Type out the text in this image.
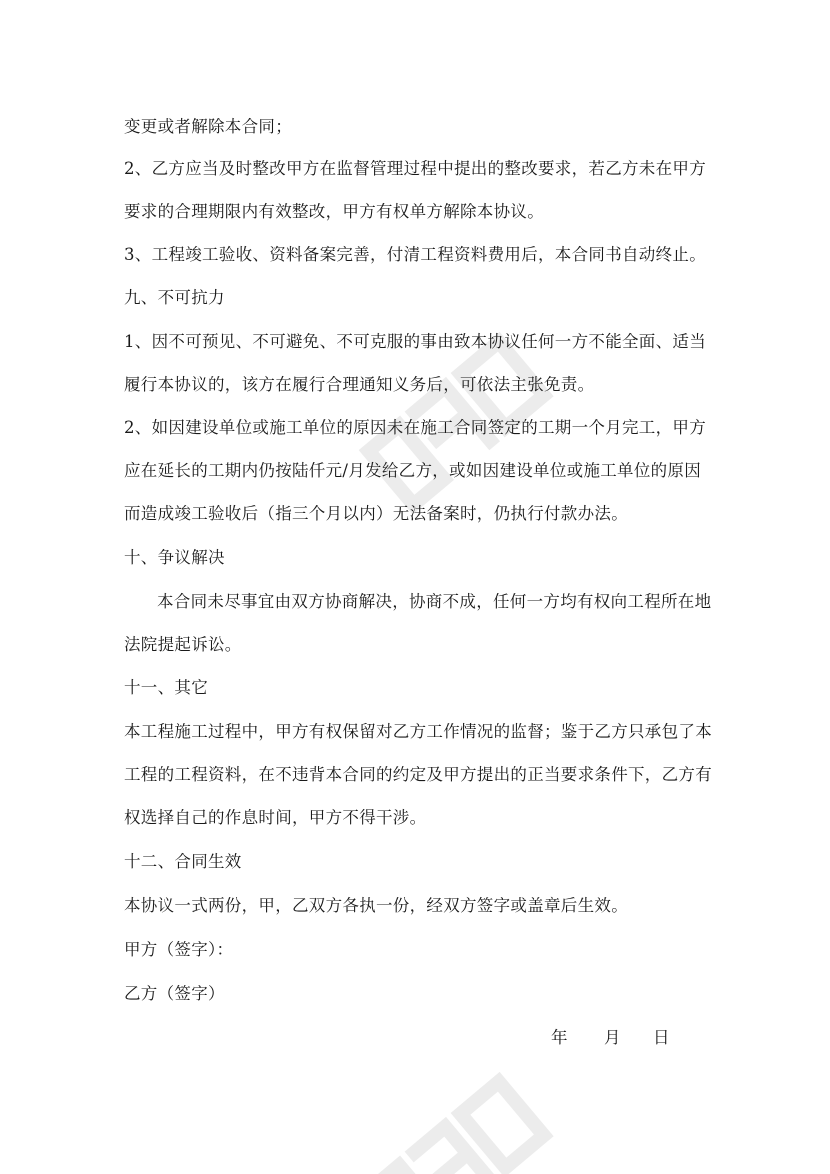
变更或者解除本合同；
2、乙方应当及时整改甲方在监督管理过程中提出的整改要求，若乙方未在甲方
要求的合理期限内有效整改，甲方有权单方解除本协议。
3、工程竣工验收、资料备案完善，付清工程资料费用后，本合同书自动终止。
九、不可抗力
1、因不可预见、不可避免、不可克服的事由致本协议任何一方不能全面、适当
履行本协议的，该方在履行合理通知义务后，可依法主张免责。
2、如因建设单位或施工单位的原因未在施工合同签定的工期一个月完工，甲方
应在延长的工期内仍按陆仟元/月发给乙方，或如因建设单位或施工单位的原因
而造成竣工验收后（指三个月以内）无法备案时，仍执行付款办法。
十、争议解决
本合同未尽事宜由双方协商解决，协商不成，任何一方均有权向工程所在地
法院提起诉讼。
十一、其它
本工程施工过程中，甲方有权保留对乙方工作情况的监督；鉴于乙方只承包了本
工程的工程资料，在不违背本合同的约定及甲方提出的正当要求条件下，乙方有
权选择自己的作息时间，甲方不得干涉。
十二、合同生效
本协议一式两份，甲，乙双方各执一份，经双方签字或盖章后生效。
甲方（签字）：
乙方（签字）
年 月 日
